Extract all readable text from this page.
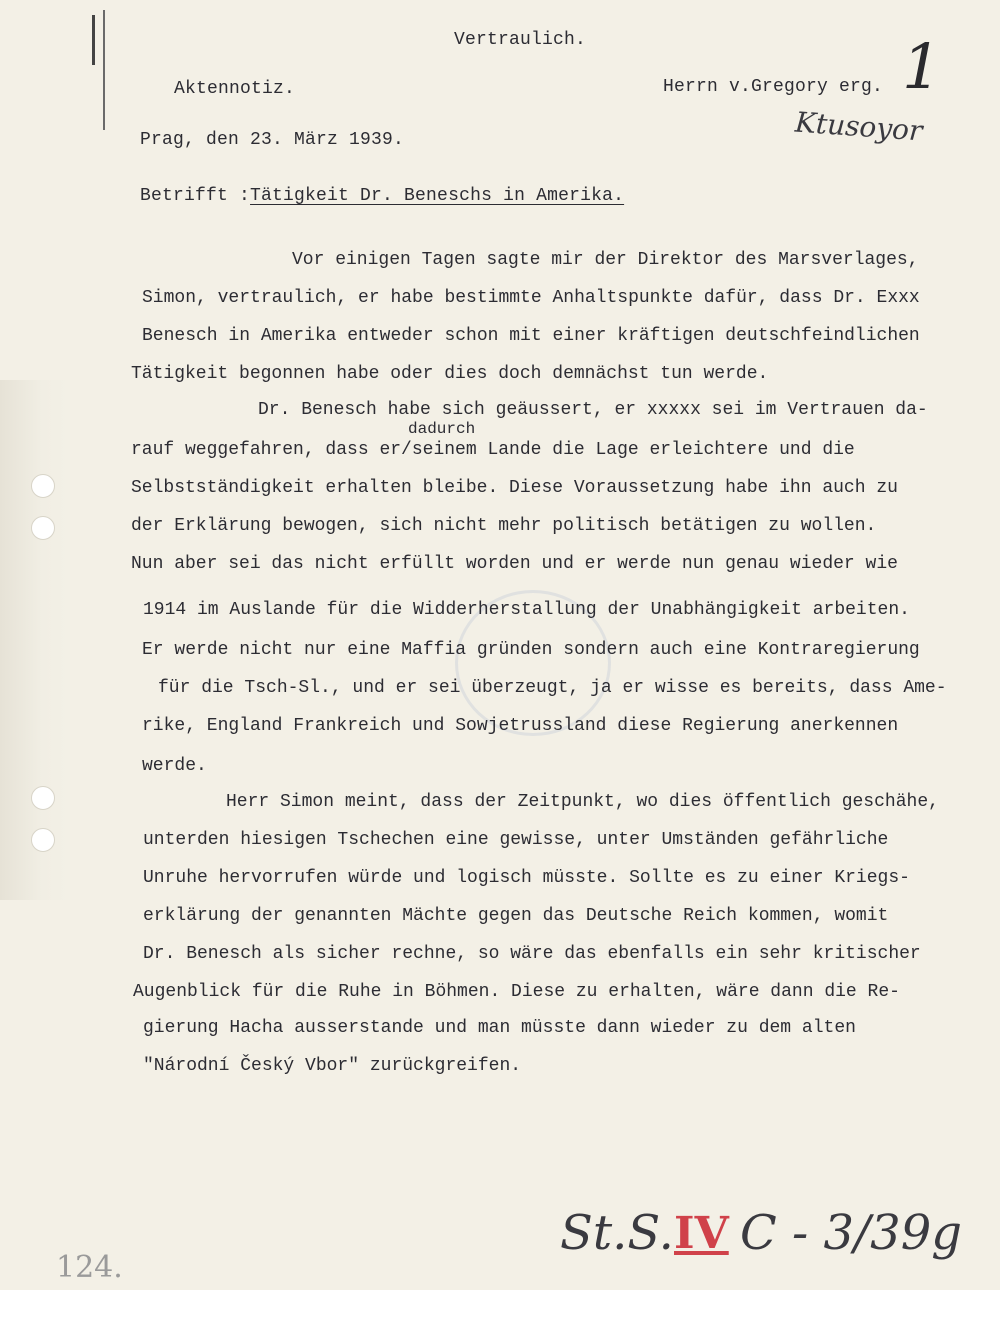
Vertraulich.
Aktennotiz.	Herrn v.Gregory erg. 1
Prag, den 23. März 1939.	Ktusoyor
Betrifft :Tätigkeit Dr. Beneschs in Amerika.
Vor einigen Tagen sagte mir der Direktor des Marsverlages,
Simon, vertraulich, er habe bestimmte Anhaltspunkte dafür, dass Dr. Exxx
Benesch in Amerika entweder schon mit einer kräftigen deutschfeindlichen
Tätigkeit begonnen habe oder dies doch demnächst tun werde.
Dr. Benesch habe sich geäussert, er xxxxx sei im Vertrauen da-
dadurch
rauf weggefahren, dass er/seinem Lande die Lage erleichtere und die
Selbstständigkeit erhalten bleibe. Diese Voraussetzung habe ihn auch zu
der Erklärung bewogen, sich nicht mehr politisch betätigen zu wollen.
Nun aber sei das nicht erfüllt worden und er werde nun genau wieder wie
1914 im Auslande für die Widderherstallung der Unabhängigkeit arbeiten.
Er werde nicht nur eine Maffia gründen sondern auch eine Kontraregierung
für die Tsch-Sl., und er sei überzeugt, ja er wisse es bereits, dass Ame-
rike, England Frankreich und Sowjetrussland diese Regierung anerkennen
werde.
Herr Simon meint, dass der Zeitpunkt, wo dies öffentlich geschähe,
unterden hiesigen Tschechen eine gewisse, unter Umständen gefährliche
Unruhe hervorrufen würde und logisch müsste. Sollte es zu einer Kriegs-
erklärung der genannten Mächte gegen das Deutsche Reich kommen, womit
Dr. Benesch als sicher rechne, so wäre das ebenfalls ein sehr kritischer
Augenblick für die Ruhe in Böhmen. Diese zu erhalten, wäre dann die Re-
gierung Hacha ausserstande und man müsste dann wieder zu dem alten
"Národní Český Vbor" zurückgreifen.
124.
St.S. IV C - 3/39g
